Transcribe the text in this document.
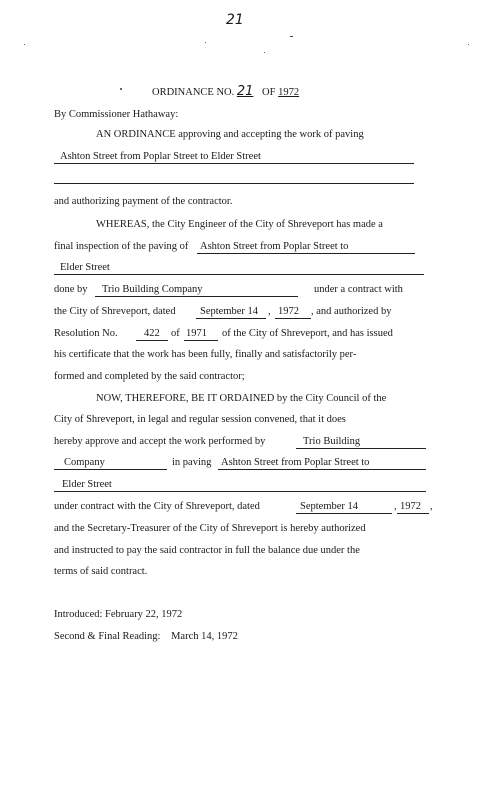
21
ORDINANCE NO. 21 OF 1972
By Commissioner Hathaway:
AN ORDINANCE approving and accepting the work of paving
Ashton Street from Poplar Street to Elder Street
and authorizing payment of the contractor.
WHEREAS, the City Engineer of the City of Shreveport has made a
final inspection of the paving of Ashton Street from Poplar Street to
Elder Street
done by Trio Building Company	under a contract with
the City of Shreveport, dated September 14 , 1972 , and authorized by
Resolution No.	422 of 1971 of the City of Shreveport, and has issued
his certificate that the work has been fully, finally and satisfactorily per-
formed and completed by the said contractor;
NOW, THEREFORE, BE IT ORDAINED by the City Council of the
City of Shreveport, in legal and regular session convened, that it does
hereby approve and accept the work performed by	Trio Building
Company	in paving Ashton Street from Poplar Street to
Elder Street
under contract with the City of Shreveport, dated	September 14	, 1972 ,
and the Secretary-Treasurer of the City of Shreveport is hereby authorized
and instructed to pay the said contractor in full the balance due under the
terms of said contract.
Introduced: February 22, 1972
Second & Final Reading: March 14, 1972
